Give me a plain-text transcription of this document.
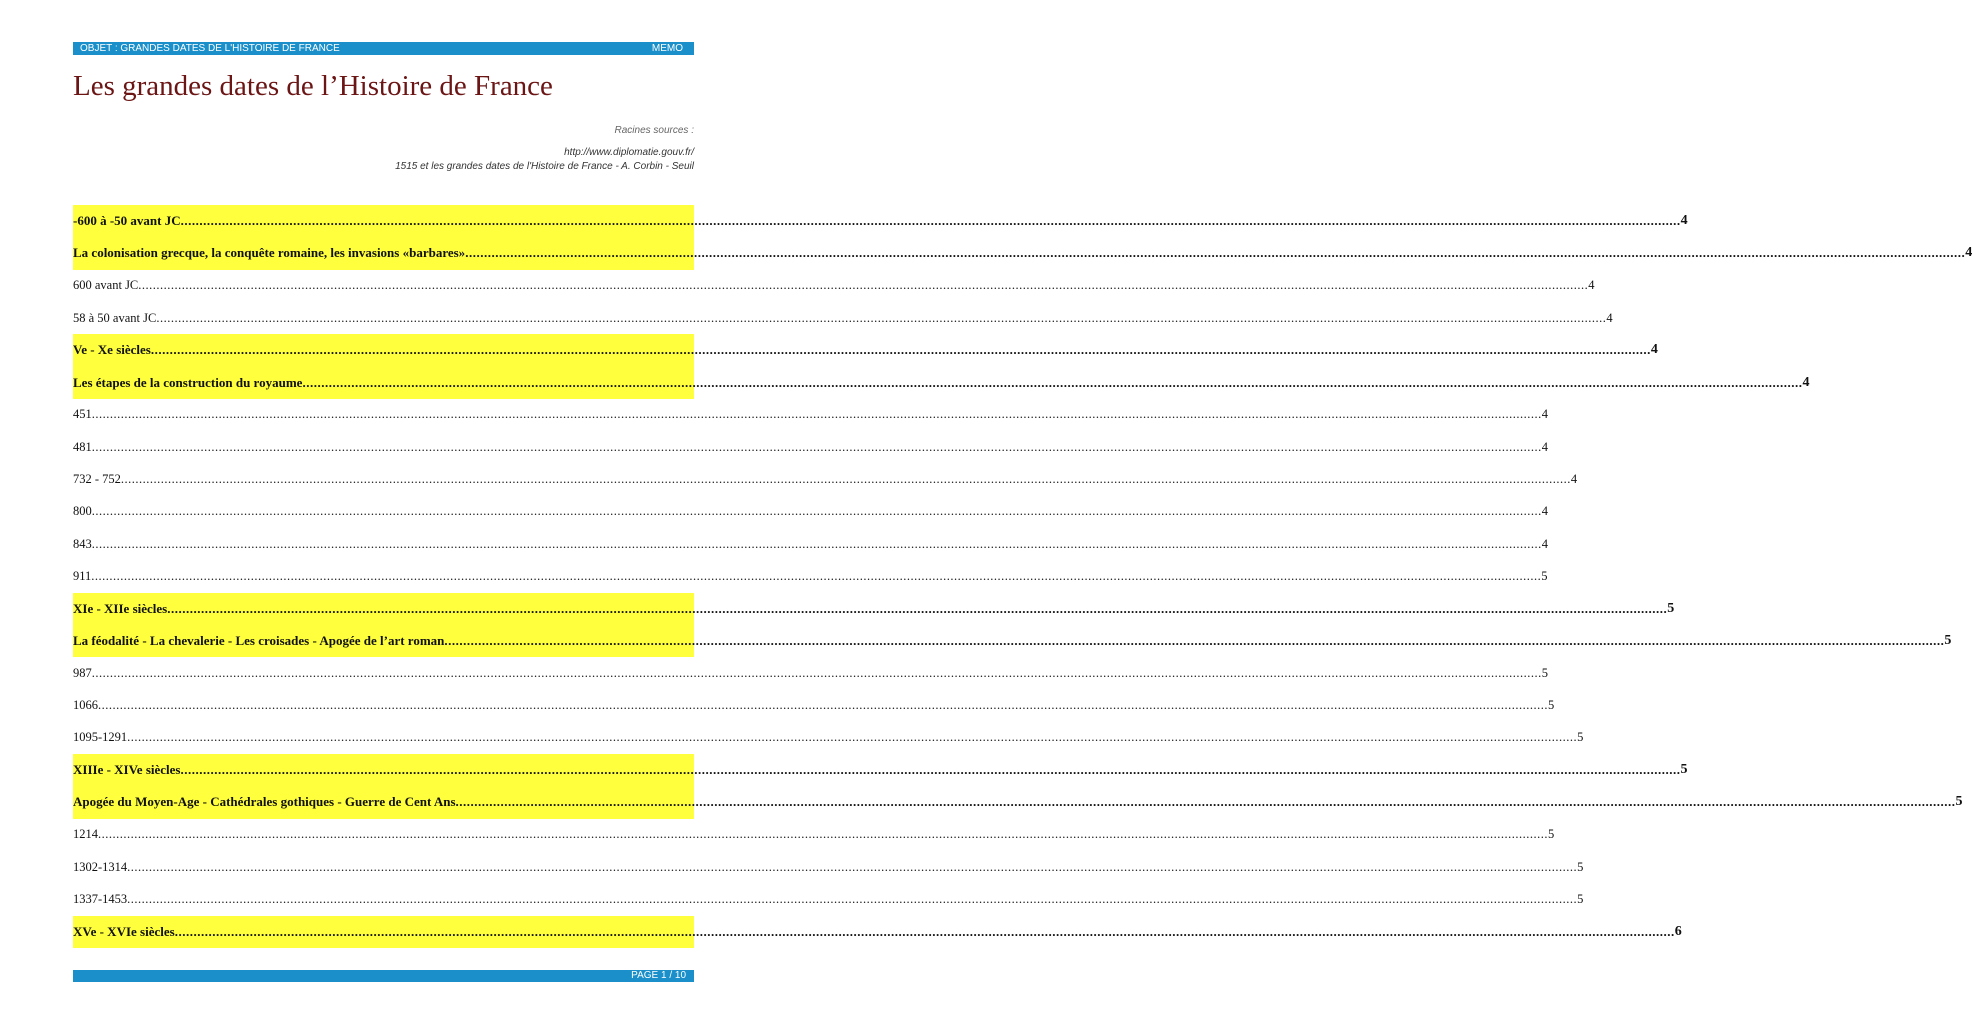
OBJET : GRANDES DATES DE L'HISTOIRE DE FRANCE	MEMO
Les grandes dates de l’Histoire de France
Racines sources :
http://www.diplomatie.gouv.fr/
1515 et les grandes dates de l'Histoire de France - A. Corbin - Seuil
-600 à -50 avant JC ................................................................................................................................................................................................................................................................................................................................................................................................................ 4
La colonisation grecque, la conquête romaine, les invasions «barbares» ................................................................................................................................................................................................................................................................................................................................................................................................................ 4
600 avant JC ................................................................................................................................................................................................................................................................................................................................................................................................................ 4
58 à 50 avant JC ................................................................................................................................................................................................................................................................................................................................................................................................................ 4
Ve - Xe siècles ................................................................................................................................................................................................................................................................................................................................................................................................................ 4
Les étapes de la construction du royaume ................................................................................................................................................................................................................................................................................................................................................................................................................ 4
451 ................................................................................................................................................................................................................................................................................................................................................................................................................ 4
481 ................................................................................................................................................................................................................................................................................................................................................................................................................ 4
732 - 752 ................................................................................................................................................................................................................................................................................................................................................................................................................ 4
800 ................................................................................................................................................................................................................................................................................................................................................................................................................ 4
843 ................................................................................................................................................................................................................................................................................................................................................................................................................ 4
911 ................................................................................................................................................................................................................................................................................................................................................................................................................ 5
XIe - XIIe siècles ................................................................................................................................................................................................................................................................................................................................................................................................................ 5
La féodalité - La chevalerie - Les croisades - Apogée de l’art roman ................................................................................................................................................................................................................................................................................................................................................................................................................ 5
987 ................................................................................................................................................................................................................................................................................................................................................................................................................ 5
1066 ................................................................................................................................................................................................................................................................................................................................................................................................................ 5
1095-1291 ................................................................................................................................................................................................................................................................................................................................................................................................................ 5
XIIIe - XIVe siècles ................................................................................................................................................................................................................................................................................................................................................................................................................ 5
Apogée du Moyen-Age - Cathédrales gothiques - Guerre de Cent Ans ................................................................................................................................................................................................................................................................................................................................................................................................................ 5
1214 ................................................................................................................................................................................................................................................................................................................................................................................................................ 5
1302-1314 ................................................................................................................................................................................................................................................................................................................................................................................................................ 5
1337-1453 ................................................................................................................................................................................................................................................................................................................................................................................................................ 5
XVe - XVIe siècles ................................................................................................................................................................................................................................................................................................................................................................................................................ 6
PAGE 1 / 10
